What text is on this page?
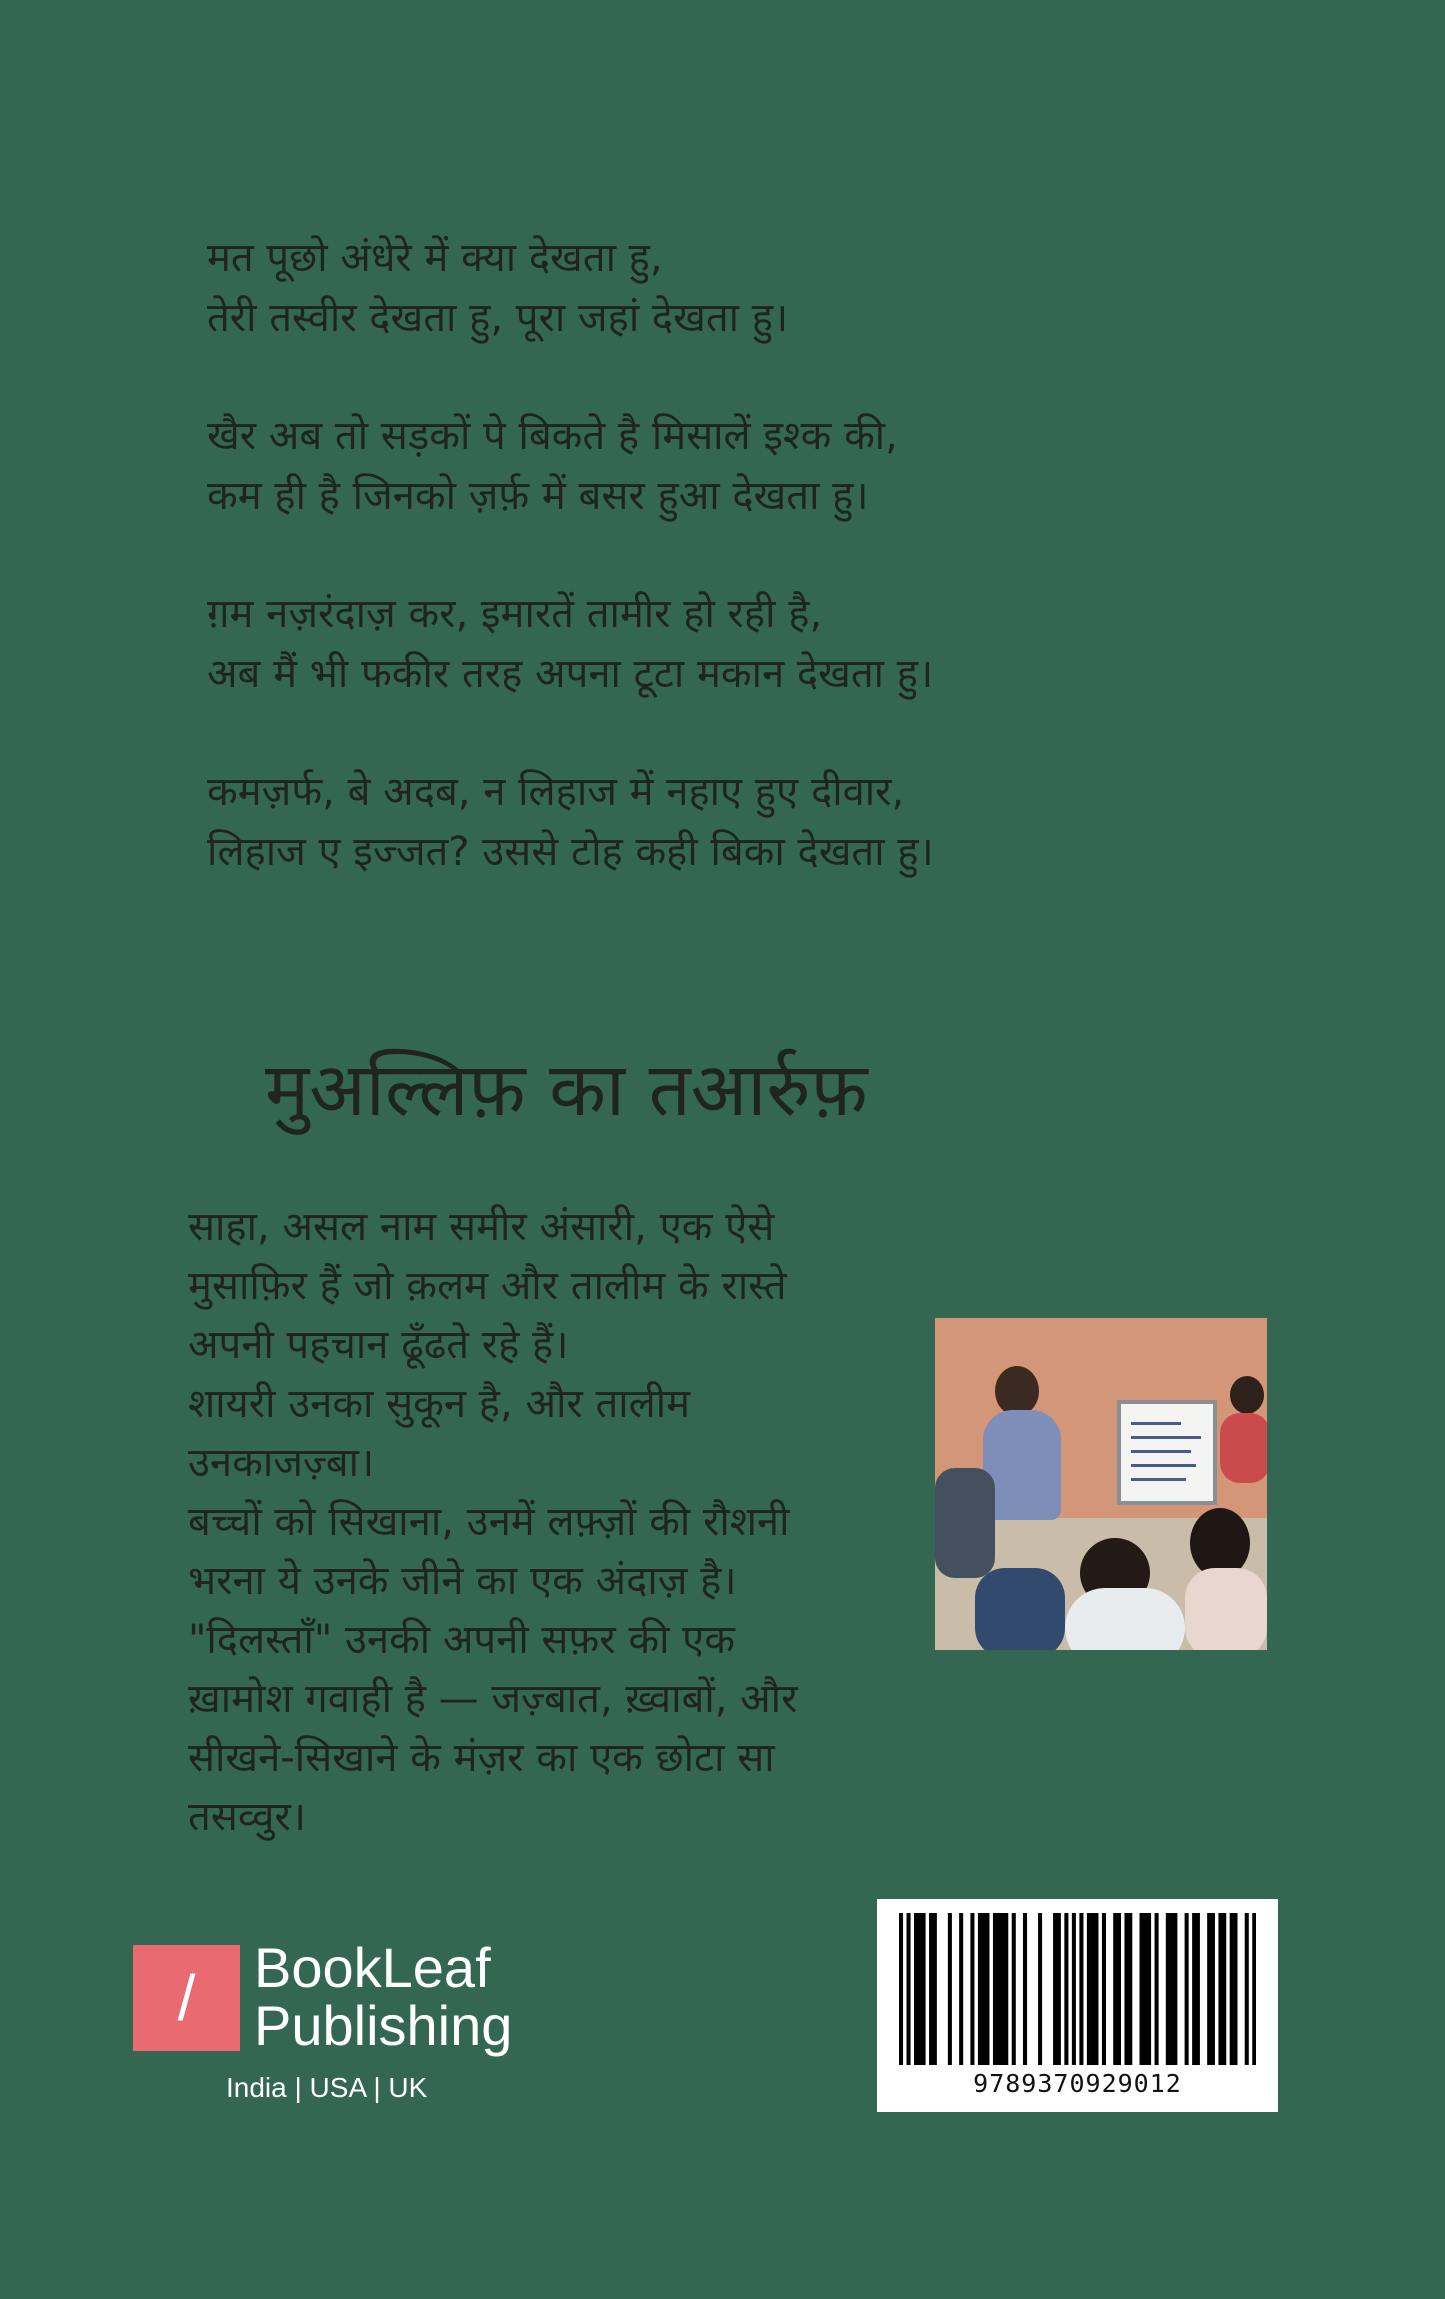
मत पूछो अंधेरे में क्या देखता हु,
तेरी तस्वीर देखता हु, पूरा जहां देखता हु।
खैर अब तो सड़कों पे बिकते है मिसालें इश्क की,
कम ही है जिनको ज़र्फ़ में बसर हुआ देखता हु।
ग़म नज़रंदाज़ कर, इमारतें तामीर हो रही है,
अब मैं भी फकीर तरह अपना टूटा मकान देखता हु।
कमज़र्फ, बे अदब, न लिहाज में नहाए हुए दीवार,
लिहाज ए इज्जत? उससे टोह कही बिका देखता हु।
मुअल्लिफ़ का तआर्रुफ़
साहा, असल नाम समीर अंसारी, एक ऐसे
मुसाफ़िर हैं जो क़लम और तालीम के रास्ते
अपनी पहचान ढूँढते रहे हैं।
शायरी उनका सुकून है, और तालीम
उनकाजज़्बा।
बच्चों को सिखाना, उनमें लफ़्ज़ों की रौशनी
भरना ये उनके जीने का एक अंदाज़ है।
"दिलस्ताँ" उनकी अपनी सफ़र की एक
ख़ामोश गवाही है — जज़्बात, ख़्वाबों, और
सीखने-सिखाने के मंज़र का एक छोटा सा
तसव्वुर।
/	BookLeaf
Publishing
India | USA | UK	9789370929012
